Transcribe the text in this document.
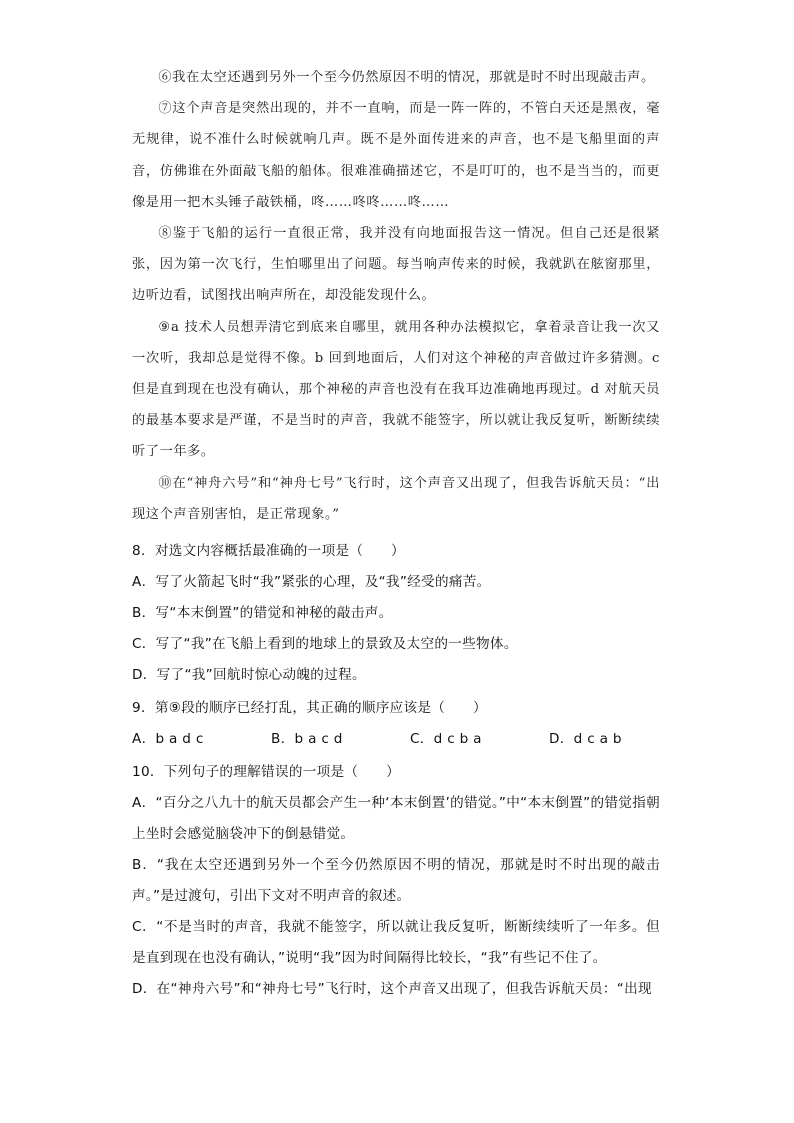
⑥我在太空还遇到另外一个至今仍然原因不明的情况，那就是时不时出现敲击声。

⑦这个声音是突然出现的，并不一直响，而是一阵一阵的，不管白天还是黑夜，毫无规律，说不准什么时候就响几声。既不是外面传进来的声音，也不是飞船里面的声音，仿佛谁在外面敲飞船的船体。很难准确描述它，不是叮叮的，也不是当当的，而更像是用一把木头锤子敲铁桶，咚……咚咚……咚……

⑧鉴于飞船的运行一直很正常，我并没有向地面报告这一情况。但自己还是很紧张，因为第一次飞行，生怕哪里出了问题。每当响声传来的时候，我就趴在舷窗那里，边听边看，试图找出响声所在，却没能发现什么。

⑨a 技术人员想弄清它到底来自哪里，就用各种办法模拟它，拿着录音让我一次又一次听，我却总是觉得不像。b 回到地面后，人们对这个神秘的声音做过许多猜测。c 但是直到现在也没有确认，那个神秘的声音也没有在我耳边准确地再现过。d 对航天员的最基本要求是严谨，不是当时的声音，我就不能签字，所以就让我反复听，断断续续听了一年多。

⑩在“神舟六号”和“神舟七号”飞行时，这个声音又出现了，但我告诉航天员：“出现这个声音别害怕，是正常现象。”

8．对选文内容概括最准确的一项是（　　）

A．写了火箭起飞时“我”紧张的心理，及“我”经受的痛苦。

B．写“本末倒置”的错觉和神秘的敲击声。

C．写了“我”在飞船上看到的地球上的景致及太空的一些物体。

D．写了“我”回航时惊心动魄的过程。

9．第⑨段的顺序已经打乱，其正确的顺序应该是（　　）

A．b a d c	B．b a c d	C．d c b a	D．d c a b

10．下列句子的理解错误的一项是（　　）

A．“百分之八九十的航天员都会产生一种‘本末倒置’的错觉。”中“本末倒置”的错觉指朝上坐时会感觉脑袋冲下的倒悬错觉。

B．“我在太空还遇到另外一个至今仍然原因不明的情况，那就是时不时出现的敲击声。”是过渡句，引出下文对不明声音的叙述。

C．“不是当时的声音，我就不能签字，所以就让我反复听，断断续续听了一年多。但是直到现在也没有确认，”说明“我”因为时间隔得比较长，“我”有些记不住了。

D．在“神舟六号”和“神舟七号”飞行时，这个声音又出现了，但我告诉航天员：“出现
